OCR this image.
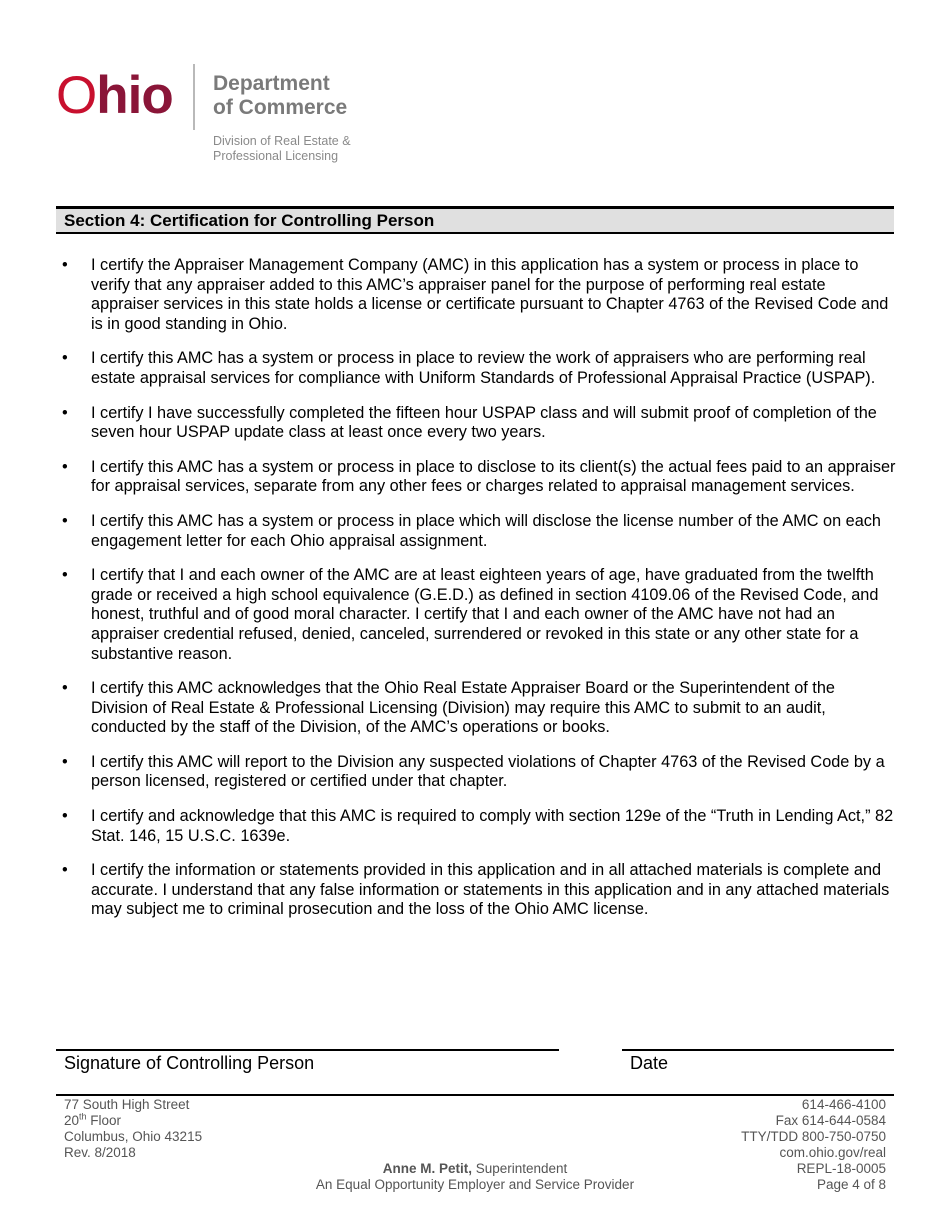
Ohio Department
of Commerce
Division of Real Estate &
Professional Licensing
Section 4: Certification for Controlling Person
• I certify the Appraiser Management Company (AMC) in this application has a system or process in place to verify that any appraiser added to this AMC’s appraiser panel for the purpose of performing real estate appraiser services in this state holds a license or certificate pursuant to Chapter 4763 of the Revised Code and is in good standing in Ohio.
• I certify this AMC has a system or process in place to review the work of appraisers who are performing real estate appraisal services for compliance with Uniform Standards of Professional Appraisal Practice (USPAP).
• I certify I have successfully completed the fifteen hour USPAP class and will submit proof of completion of the seven hour USPAP update class at least once every two years.
• I certify this AMC has a system or process in place to disclose to its client(s) the actual fees paid to an appraiser for appraisal services, separate from any other fees or charges related to appraisal management services.
• I certify this AMC has a system or process in place which will disclose the license number of the AMC on each engagement letter for each Ohio appraisal assignment.
• I certify that I and each owner of the AMC are at least eighteen years of age, have graduated from the twelfth grade or received a high school equivalence (G.E.D.) as defined in section 4109.06 of the Revised Code, and honest, truthful and of good moral character. I certify that I and each owner of the AMC have not had an appraiser credential refused, denied, canceled, surrendered or revoked in this state or any other state for a substantive reason.
• I certify this AMC acknowledges that the Ohio Real Estate Appraiser Board or the Superintendent of the Division of Real Estate & Professional Licensing (Division) may require this AMC to submit to an audit, conducted by the staff of the Division, of the AMC’s operations or books.
• I certify this AMC will report to the Division any suspected violations of Chapter 4763 of the Revised Code by a person licensed, registered or certified under that chapter.
• I certify and acknowledge that this AMC is required to comply with section 129e of the “Truth in Lending Act,” 82 Stat. 146, 15 U.S.C. 1639e.
• I certify the information or statements provided in this application and in all attached materials is complete and accurate. I understand that any false information or statements in this application and in any attached materials may subject me to criminal prosecution and the loss of the Ohio AMC license.
Signature of Controlling Person	Date
77 South High Street
20th Floor
Columbus, Ohio 43215
Rev. 8/2018
Anne M. Petit, Superintendent
An Equal Opportunity Employer and Service Provider
614-466-4100
Fax 614-644-0584
TTY/TDD 800-750-0750
com.ohio.gov/real
REPL-18-0005
Page 4 of 8
